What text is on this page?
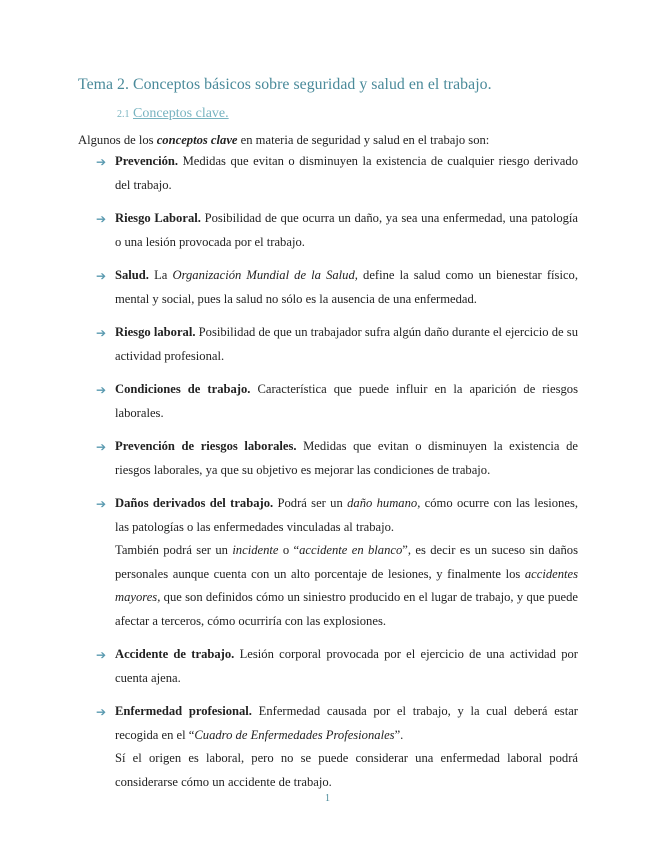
Tema 2. Conceptos básicos sobre seguridad y salud en el trabajo.
2.1 Conceptos clave.
Algunos de los conceptos clave en materia de seguridad y salud en el trabajo son:
➔ Prevención. Medidas que evitan o disminuyen la existencia de cualquier riesgo derivado del trabajo.

➔ Riesgo Laboral. Posibilidad de que ocurra un daño, ya sea una enfermedad, una patología o una lesión provocada por el trabajo.

➔ Salud. La Organización Mundial de la Salud, define la salud como un bienestar físico, mental y social, pues la salud no sólo es la ausencia de una enfermedad.

➔ Riesgo laboral. Posibilidad de que un trabajador sufra algún daño durante el ejercicio de su actividad profesional.

➔ Condiciones de trabajo. Característica que puede influir en la aparición de riesgos laborales.

➔ Prevención de riesgos laborales. Medidas que evitan o disminuyen la existencia de riesgos laborales, ya que su objetivo es mejorar las condiciones de trabajo.

➔ Daños derivados del trabajo. Podrá ser un daño humano, cómo ocurre con las lesiones, las patologías o las enfermedades vinculadas al trabajo.

También podrá ser un incidente o “accidente en blanco”, es decir es un suceso sin daños personales aunque cuenta con un alto porcentaje de lesiones, y finalmente los accidentes mayores, que son definidos cómo un siniestro producido en el lugar de trabajo, y que puede afectar a terceros, cómo ocurriría con las explosiones.

➔ Accidente de trabajo. Lesión corporal provocada por el ejercicio de una actividad por cuenta ajena.

➔ Enfermedad profesional. Enfermedad causada por el trabajo, y la cual deberá estar recogida en el “Cuadro de Enfermedades Profesionales”.

Sí el origen es laboral, pero no se puede considerar una enfermedad laboral podrá considerarse cómo un accidente de trabajo.

1
